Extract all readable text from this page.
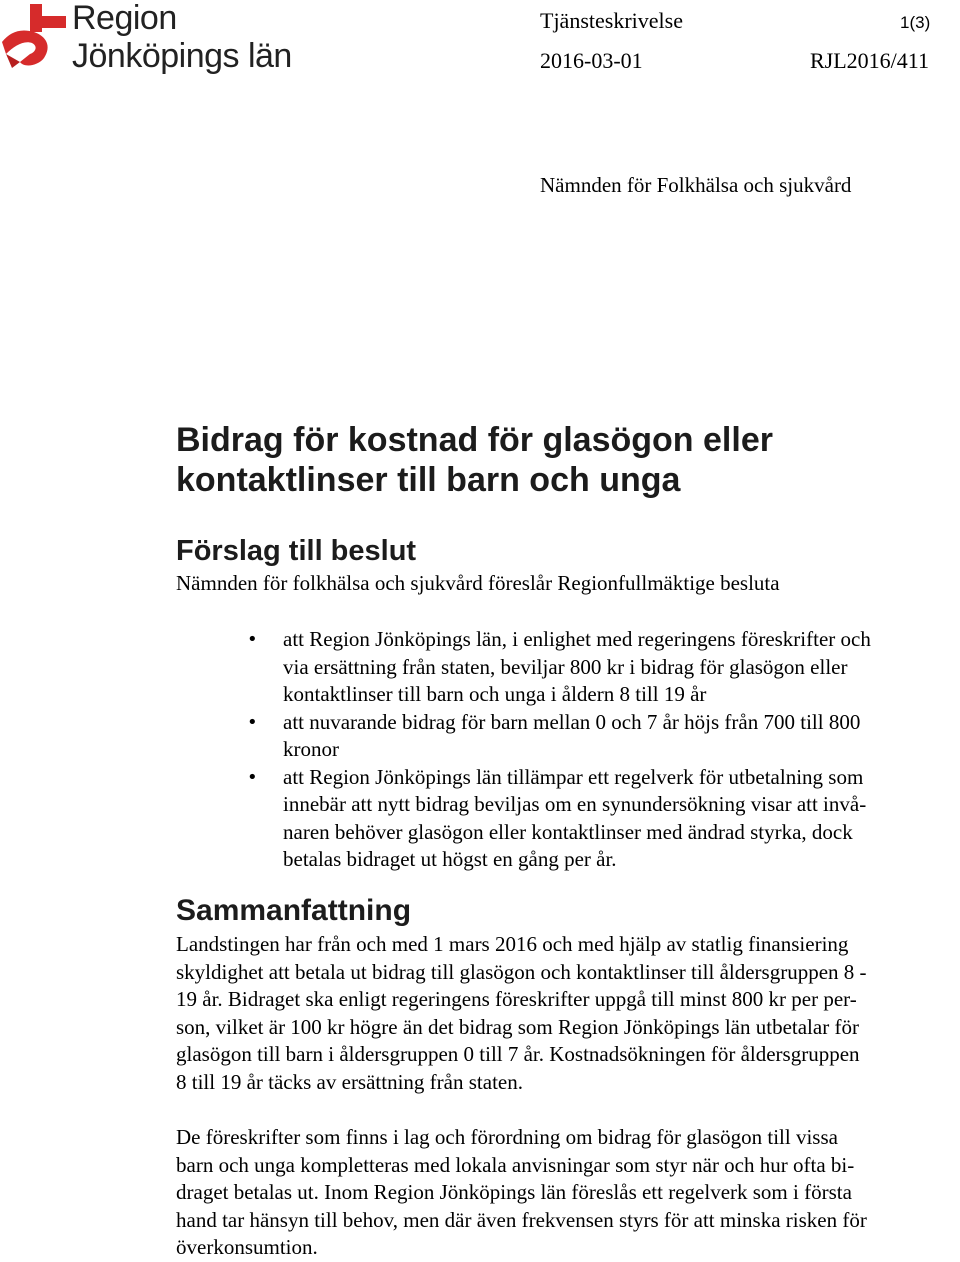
Region
Jönköpings län
Tjänsteskrivelse	1(3)
2016-03-01	RJL2016/411
Nämnden för Folkhälsa och sjukvård
Bidrag för kostnad för glasögon eller
kontaktlinser till barn och unga
Förslag till beslut
Nämnden för folkhälsa och sjukvård föreslår Regionfullmäktige besluta
• att Region Jönköpings län, i enlighet med regeringens föreskrifter och
via ersättning från staten, beviljar 800 kr i bidrag för glasögon eller
kontaktlinser till barn och unga i åldern 8 till 19 år
• att nuvarande bidrag för barn mellan 0 och 7 år höjs från 700 till 800
kronor
• att Region Jönköpings län tillämpar ett regelverk för utbetalning som
innebär att nytt bidrag beviljas om en synundersökning visar att invå-
naren behöver glasögon eller kontaktlinser med ändrad styrka, dock
betalas bidraget ut högst en gång per år.
Sammanfattning

Landstingen har från och med 1 mars 2016 och med hjälp av statlig finansiering
skyldighet att betala ut bidrag till glasögon och kontaktlinser till åldersgruppen 8 -
19 år. Bidraget ska enligt regeringens föreskrifter uppgå till minst 800 kr per per-
son, vilket är 100 kr högre än det bidrag som Region Jönköpings län utbetalar för
glasögon till barn i åldersgruppen 0 till 7 år. Kostnadsökningen för åldersgruppen
8 till 19 år täcks av ersättning från staten.

De föreskrifter som finns i lag och förordning om bidrag för glasögon till vissa
barn och unga kompletteras med lokala anvisningar som styr när och hur ofta bi-
draget betalas ut. Inom Region Jönköpings län föreslås ett regelverk som i första
hand tar hänsyn till behov, men där även frekvensen styrs för att minska risken för
överkonsumtion.
